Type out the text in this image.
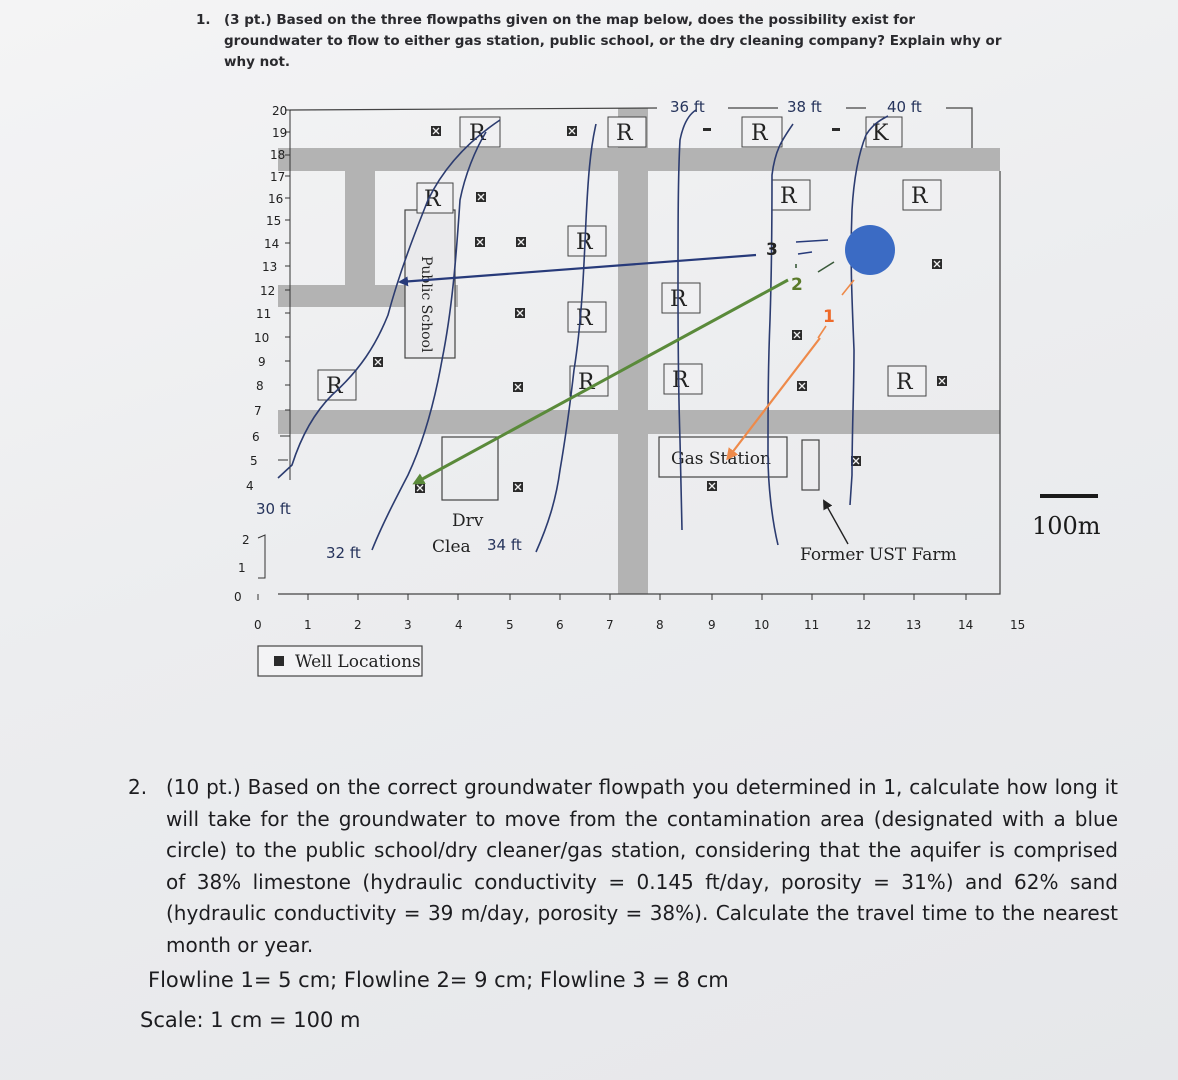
1. (3 pt.) Based on the three flowpaths given on the map below, does the possibility exist for groundwater to flow to either gas station, public school, or the dry cleaning company? Explain why or why not.
20
19
18
17
16
15
14
13
12
11
10
9
8
7
6
5
4
2
1
0
0	1	2	3	4	5	6	7	8	9	10	11	12	13	14	15
Public School
Drv
Clea
Gas Station
Former UST Farm
R	R	R	K
R	R	R
R
R
R
R	R	R	R
30 ft
32 ft	34 ft
36 ft	38 ft	40 ft
3
2
1
Well Locations
100m
2. (10 pt.) Based on the correct groundwater flowpath you determined in 1, calculate how long it will take for the groundwater to move from the contamination area (designated with a blue circle) to the public school/dry cleaner/gas station, considering that the aquifer is comprised of 38% limestone (hydraulic conductivity = 0.145 ft/day, porosity = 31%) and 62% sand (hydraulic conductivity = 39 m/day, porosity = 38%). Calculate the travel time to the nearest month or year.
Flowline 1= 5 cm; Flowline 2= 9 cm; Flowline 3 = 8 cm
Scale: 1 cm = 100 m
